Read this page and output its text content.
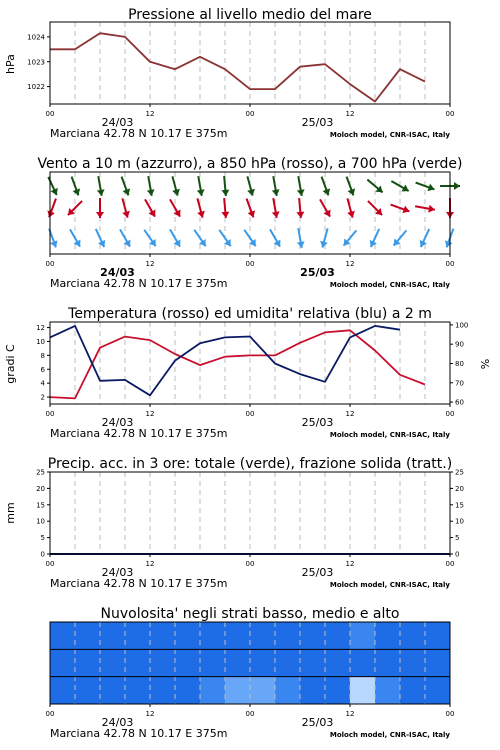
Pressione al livello medio del mare
hPa
1022
1023
1024
00	12	00	12	00
24/03	25/03
Marciana 42.78 N 10.17 E 375m	Moloch model, CNR-ISAC, Italy
Vento a 10 m (azzurro), a 850 hPa (rosso), a 700 hPa (verde)
00	12	00	12	00
24/03	25/03
Marciana 42.78 N 10.17 E 375m	Moloch model, CNR-ISAC, Italy
Temperatura (rosso) ed umidita' relativa (blu) a 2 m
gradi C	%
2
4
6
8
10
12
60
70
80
90
100
00	12	00	12	00
24/03	25/03
Marciana 42.78 N 10.17 E 375m	Moloch model, CNR-ISAC, Italy
Precip. acc. in 3 ore: totale (verde), frazione solida (tratt.)
mm
0
5
10
15
20
25
0
5
10
15
20
25
00	12	00	12	00
24/03	25/03
Marciana 42.78 N 10.17 E 375m	Moloch model, CNR-ISAC, Italy
Nuvolosita' negli strati basso, medio e alto
00	12	00	12	00
24/03	25/03
Marciana 42.78 N 10.17 E 375m	Moloch model, CNR-ISAC, Italy
